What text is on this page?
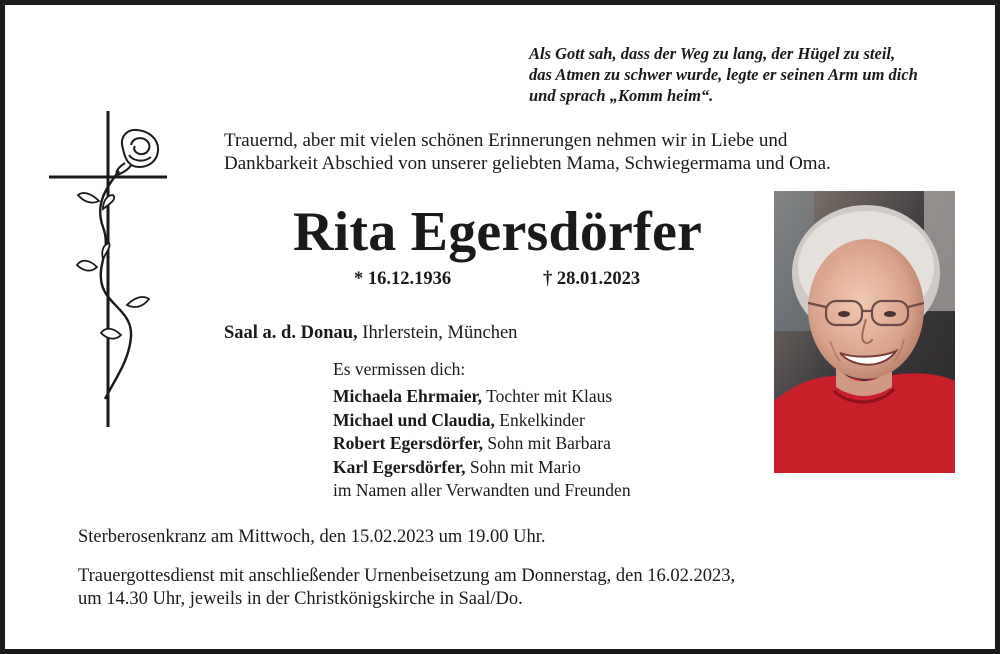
Als Gott sah, dass der Weg zu lang, der Hügel zu steil,
das Atmen zu schwer wurde, legte er seinen Arm um dich
und sprach „Komm heim“.
Trauernd, aber mit vielen schönen Erinnerungen nehmen wir in Liebe und
Dankbarkeit Abschied von unserer geliebten Mama, Schwiegermama und Oma.
Rita Egersdörfer
* 16.12.1936	† 28.01.2023
Saal a. d. Donau, Ihrlerstein, München
Es vermissen dich:
Michaela Ehrmaier, Tochter mit Klaus
Michael und Claudia, Enkelkinder
Robert Egersdörfer, Sohn mit Barbara
Karl Egersdörfer, Sohn mit Mario
im Namen aller Verwandten und Freunden
Sterberosenkranz am Mittwoch, den 15.02.2023 um 19.00 Uhr.
Trauergottesdienst mit anschließender Urnenbeisetzung am Donnerstag, den 16.02.2023,
um 14.30 Uhr, jeweils in der Christkönigskirche in Saal/Do.
